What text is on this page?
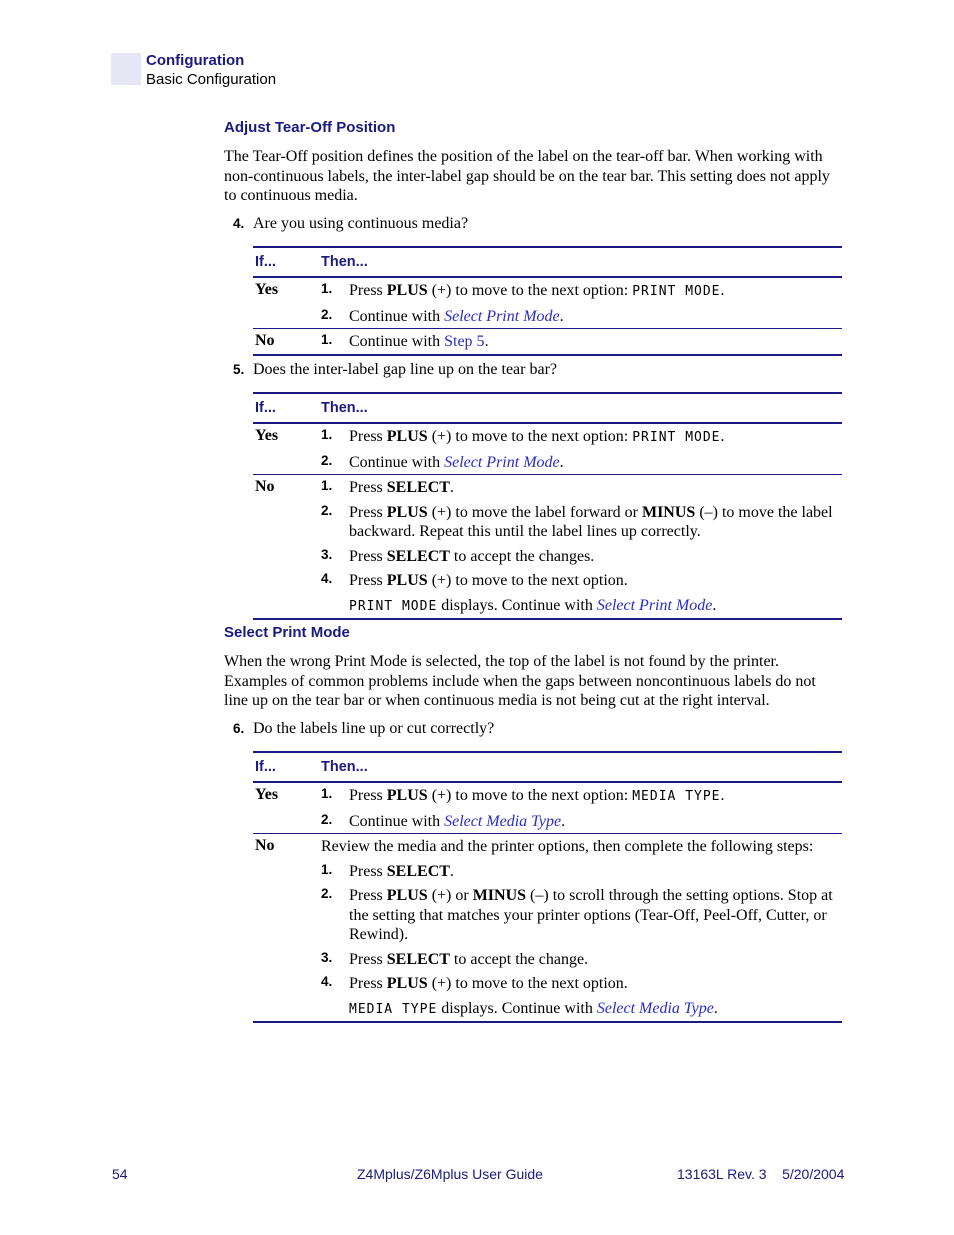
Configuration
Basic Configuration
Adjust Tear-Off Position
The Tear-Off position defines the position of the label on the tear-off bar. When working with non-continuous labels, the inter-label gap should be on the tear bar. This setting does not apply to continuous media.
4. Are you using continuous media?
If...	Then...	
Yes	1.	Press PLUS (+) to move to the next option: PRINT MODE.
	2.	Continue with Select Print Mode.
No	1.	Continue with Step 5.
5. Does the inter-label gap line up on the tear bar?
If...	Then...	
Yes	1.	Press PLUS (+) to move to the next option: PRINT MODE.
	2.	Continue with Select Print Mode.
No	1.	Press SELECT.
	2.	Press PLUS (+) to move the label forward or MINUS (–) to move the label backward. Repeat this until the label lines up correctly.
	3.	Press SELECT to accept the changes.
	4.	Press PLUS (+) to move to the next option.
		PRINT MODE displays. Continue with Select Print Mode.
Select Print Mode
When the wrong Print Mode is selected, the top of the label is not found by the printer. Examples of common problems include when the gaps between noncontinuous labels do not line up on the tear bar or when continuous media is not being cut at the right interval.
6. Do the labels line up or cut correctly?
If...	Then...	
Yes	1.	Press PLUS (+) to move to the next option: MEDIA TYPE.
	2.	Continue with Select Media Type.
No	Review the media and the printer options, then complete the following steps:	
	1.	Press SELECT.
	2.	Press PLUS (+) or MINUS (–) to scroll through the setting options. Stop at the setting that matches your printer options (Tear-Off, Peel-Off, Cutter, or Rewind).
	3.	Press SELECT to accept the change.
	4.	Press PLUS (+) to move to the next option.
		MEDIA TYPE displays. Continue with Select Media Type.
54	Z4Mplus/Z6Mplus User Guide	13163L Rev. 3    5/20/2004
